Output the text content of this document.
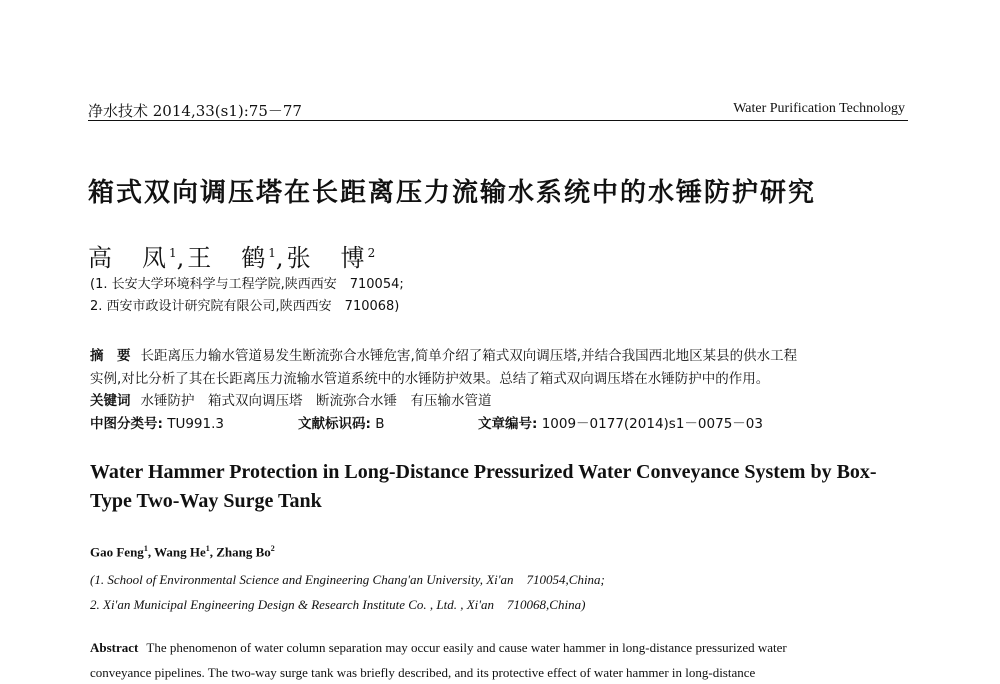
净水技术 2014,33(s1):75－77	Water Purification Technology
箱式双向调压塔在长距离压力流输水系统中的水锤防护研究
高　凤$^1$,王　鹤$^1$,张　博$^2$
(1. 长安大学环境科学与工程学院,陕西西安　710054;
2. 西安市政设计研究院有限公司,陕西西安　710068)
摘　要 长距离压力输水管道易发生断流弥合水锤危害,简单介绍了箱式双向调压塔,并结合我国西北地区某县的供水工程
实例,对比分析了其在长距离压力流输水管道系统中的水锤防护效果。总结了箱式双向调压塔在水锤防护中的作用。
关键词 水锤防护　箱式双向调压塔　断流弥合水锤　有压输水管道
中图分类号: TU991.3	文献标识码: B	文章编号: 1009－0177(2014)s1－0075－03
Water Hammer Protection in Long-Distance Pressurized Water Conveyance System by Box-
Type Two-Way Surge Tank
Gao Feng$^1$, Wang He$^1$, Zhang Bo$^2$
(1. School of Environmental Science and Engineering Chang'an University, Xi'an　710054,China;
2. Xi'an Municipal Engineering Design & Research Institute Co. , Ltd. , Xi'an　710068,China)
Abstract The phenomenon of water column separation may occur easily and cause water hammer in long-distance pressurized water
conveyance pipelines. The two-way surge tank was briefly described, and its protective effect of water hammer in long-distance
